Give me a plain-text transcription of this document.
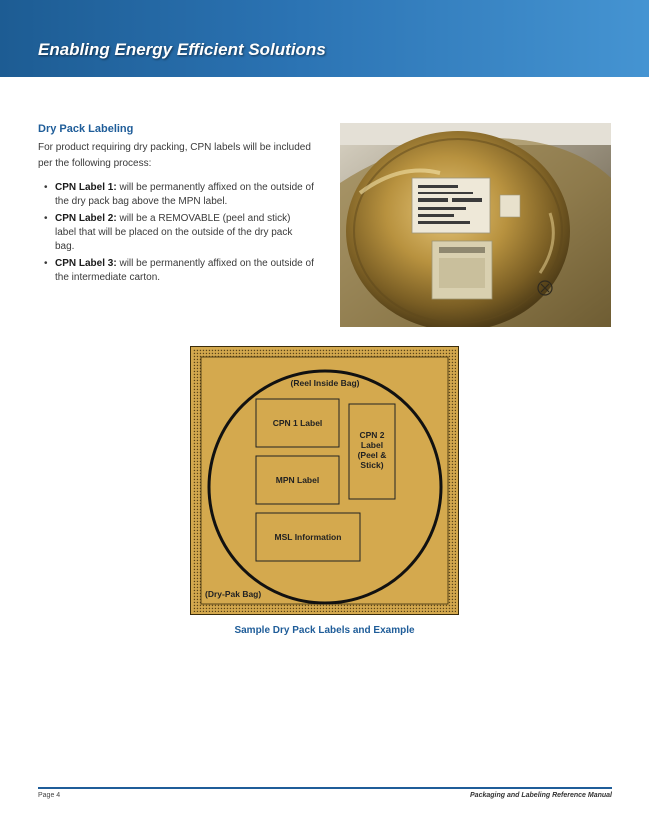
Enabling Energy Efficient Solutions
Dry Pack Labeling

For product requiring dry packing, CPN labels will be included per the following process:

• CPN Label 1: will be permanently affixed on the outside of the dry pack bag above the MPN label.
• CPN Label 2: will be a REMOVABLE (peel and stick) label that will be placed on the outside of the dry pack bag.
• CPN Label 3: will be permanently affixed on the outside of the intermediate carton.
(Reel Inside Bag)
CPN 1 Label
MPN Label
MSL Information
CPN 2
Label
(Peel &
Stick)
(Dry-Pak Bag)

Sample Dry Pack Labels and Example

Page 4	Packaging and Labeling Reference Manual
